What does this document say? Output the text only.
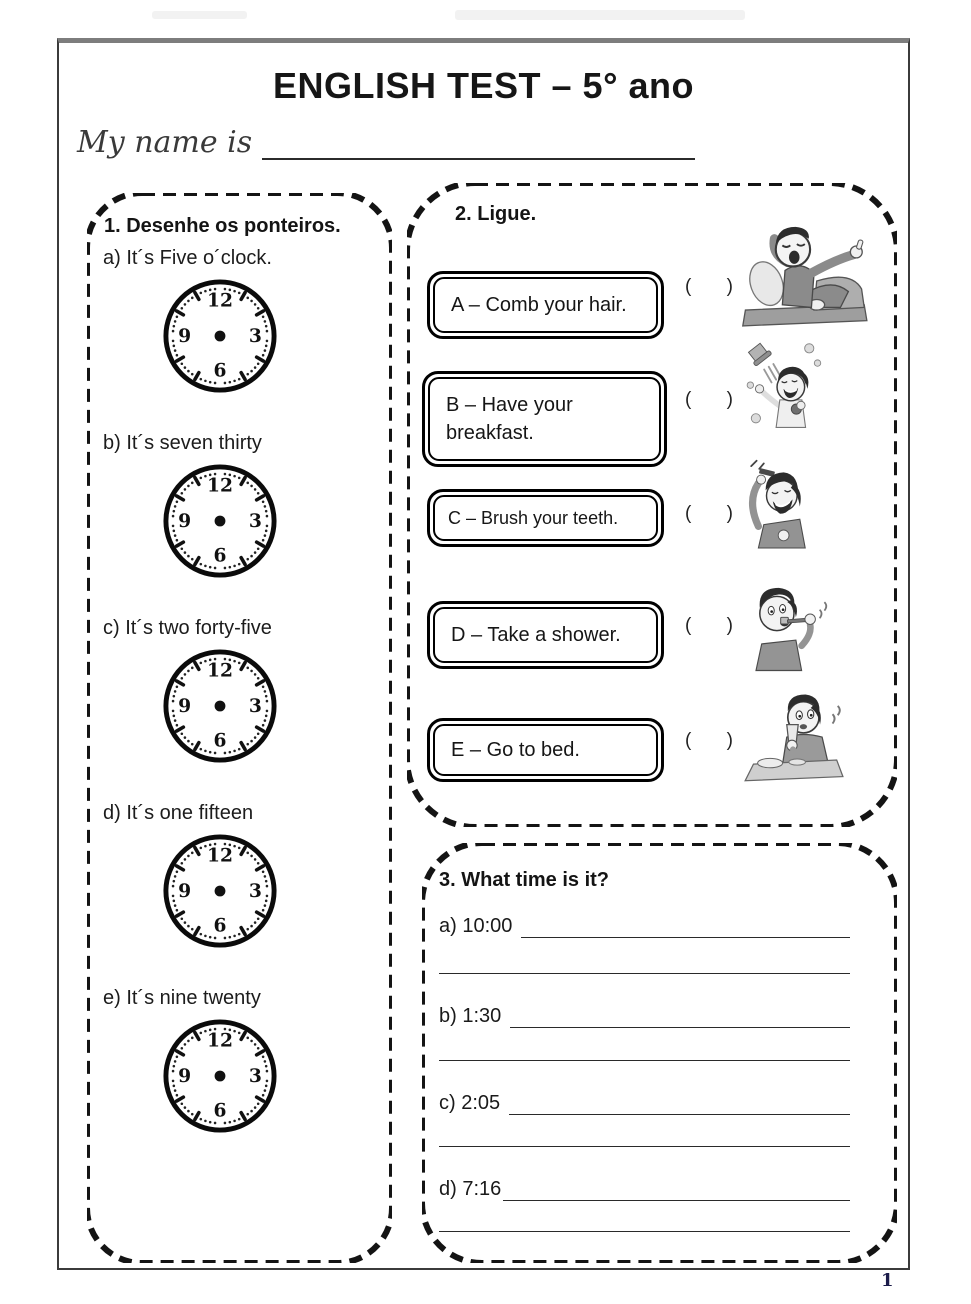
ENGLISH TEST – 5° ano
My name is
1. Desenhe os ponteiros.
a) It´s Five o´clock.
12
3
6
9
b) It´s seven thirty
12
3
6
9
c) It´s two forty-five
12
3
6
9
d) It´s one fifteen
12
3
6
9
e) It´s nine twenty
12
3
6
9
2. Ligue.
A – Comb your hair.
( )
B – Have your breakfast.
( )
C – Brush your teeth.	( )
D – Take a shower.	( )
E – Go to bed.	( )
3. What time is it?
a) 10:00
b) 1:30
c) 2:05
d) 7:16
1
